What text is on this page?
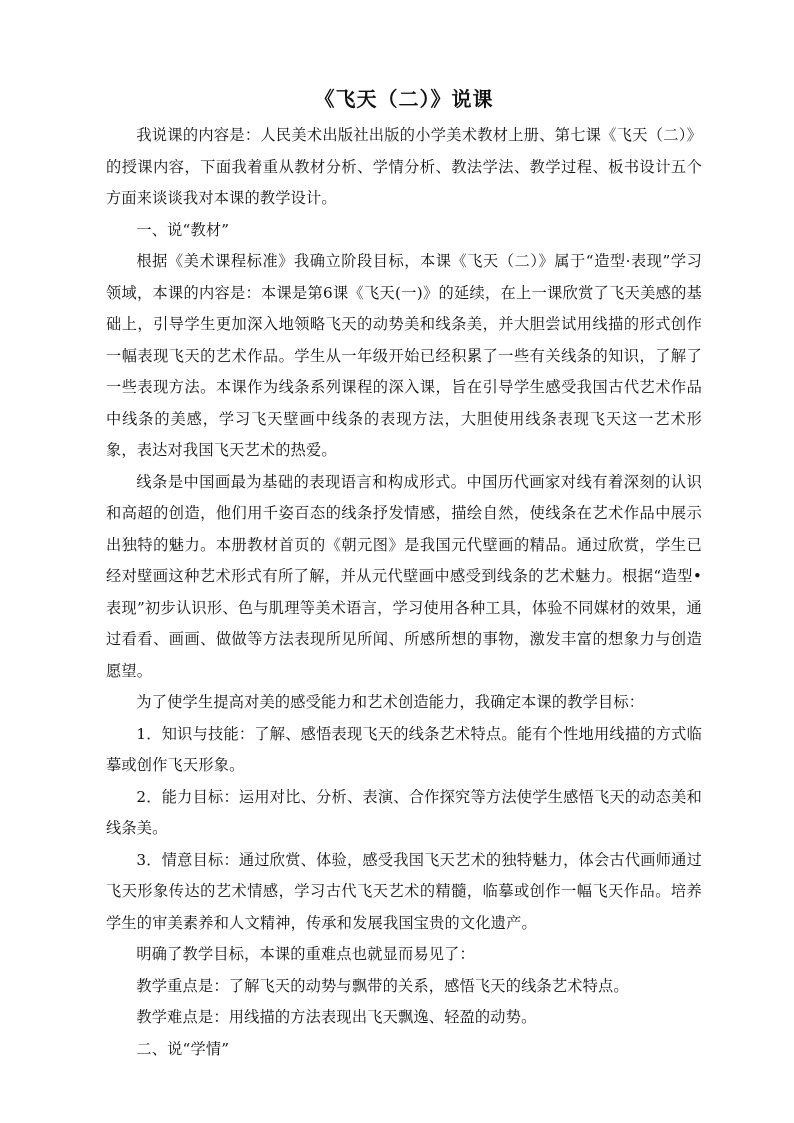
《飞天（二）》说课

我说课的内容是：人民美术出版社出版的小学美术教材上册、第七课《飞天（二）》的授课内容，下面我着重从教材分析、学情分析、教法学法、教学过程、板书设计五个方面来谈谈我对本课的教学设计。

一、说“教材”

根据《美术课程标准》我确立阶段目标，本课《飞天（二）》属于“造型·表现”学习领域，本课的内容是：本课是第6课《飞天(一)》的延续，在上一课欣赏了飞天美感的基础上，引导学生更加深入地领略飞天的动势美和线条美，并大胆尝试用线描的形式创作一幅表现飞天的艺术作品。学生从一年级开始已经积累了一些有关线条的知识，了解了一些表现方法。本课作为线条系列课程的深入课，旨在引导学生感受我国古代艺术作品中线条的美感，学习飞天壁画中线条的表现方法，大胆使用线条表现飞天这一艺术形象，表达对我国飞天艺术的热爱。

线条是中国画最为基础的表现语言和构成形式。中国历代画家对线有着深刻的认识和高超的创造，他们用千姿百态的线条抒发情感，描绘自然，使线条在艺术作品中展示出独特的魅力。本册教材首页的《朝元图》是我国元代壁画的精品。通过欣赏，学生已经对壁画这种艺术形式有所了解，并从元代壁画中感受到线条的艺术魅力。根据“造型•表现”初步认识形、色与肌理等美术语言，学习使用各种工具，体验不同媒材的效果，通过看看、画画、做做等方法表现所见所闻、所感所想的事物，激发丰富的想象力与创造愿望。

为了使学生提高对美的感受能力和艺术创造能力，我确定本课的教学目标：

1．知识与技能：了解、感悟表现飞天的线条艺术特点。能有个性地用线描的方式临摹或创作飞天形象。

2．能力目标：运用对比、分析、表演、合作探究等方法使学生感悟飞天的动态美和线条美。

3．情意目标：通过欣赏、体验，感受我国飞天艺术的独特魅力，体会古代画师通过飞天形象传达的艺术情感，学习古代飞天艺术的精髓，临摹或创作一幅飞天作品。培养学生的审美素养和人文精神，传承和发展我国宝贵的文化遗产。

明确了教学目标，本课的重难点也就显而易见了：

教学重点是：了解飞天的动势与飘带的关系，感悟飞天的线条艺术特点。

教学难点是：用线描的方法表现出飞天飘逸、轻盈的动势。

二、说“学情”
